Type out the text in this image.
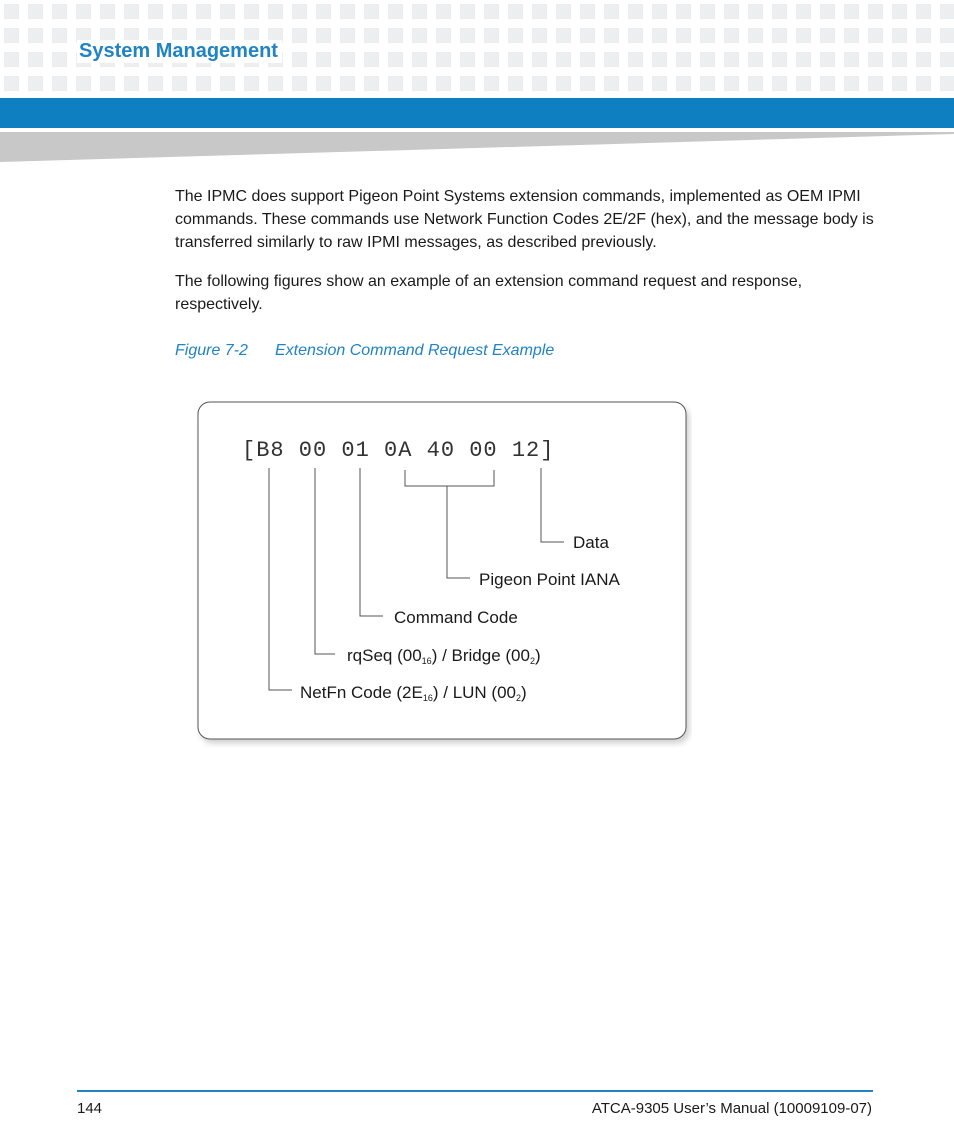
System Management
The IPMC does support Pigeon Point Systems extension commands, implemented as OEM IPMI commands. These commands use Network Function Codes 2E/2F (hex), and the message body is transferred similarly to raw IPMI messages, as described previously.
The following figures show an example of an extension command request and response, respectively.
Figure 7-2 Extension Command Request Example
[B8 00 01 0A 40 00 12]
Data
Pigeon Point IANA
Command Code
rqSeq (0016) / Bridge (002)
NetFn Code (2E16) / LUN (002)
144	ATCA-9305 User’s Manual (10009109-07)
